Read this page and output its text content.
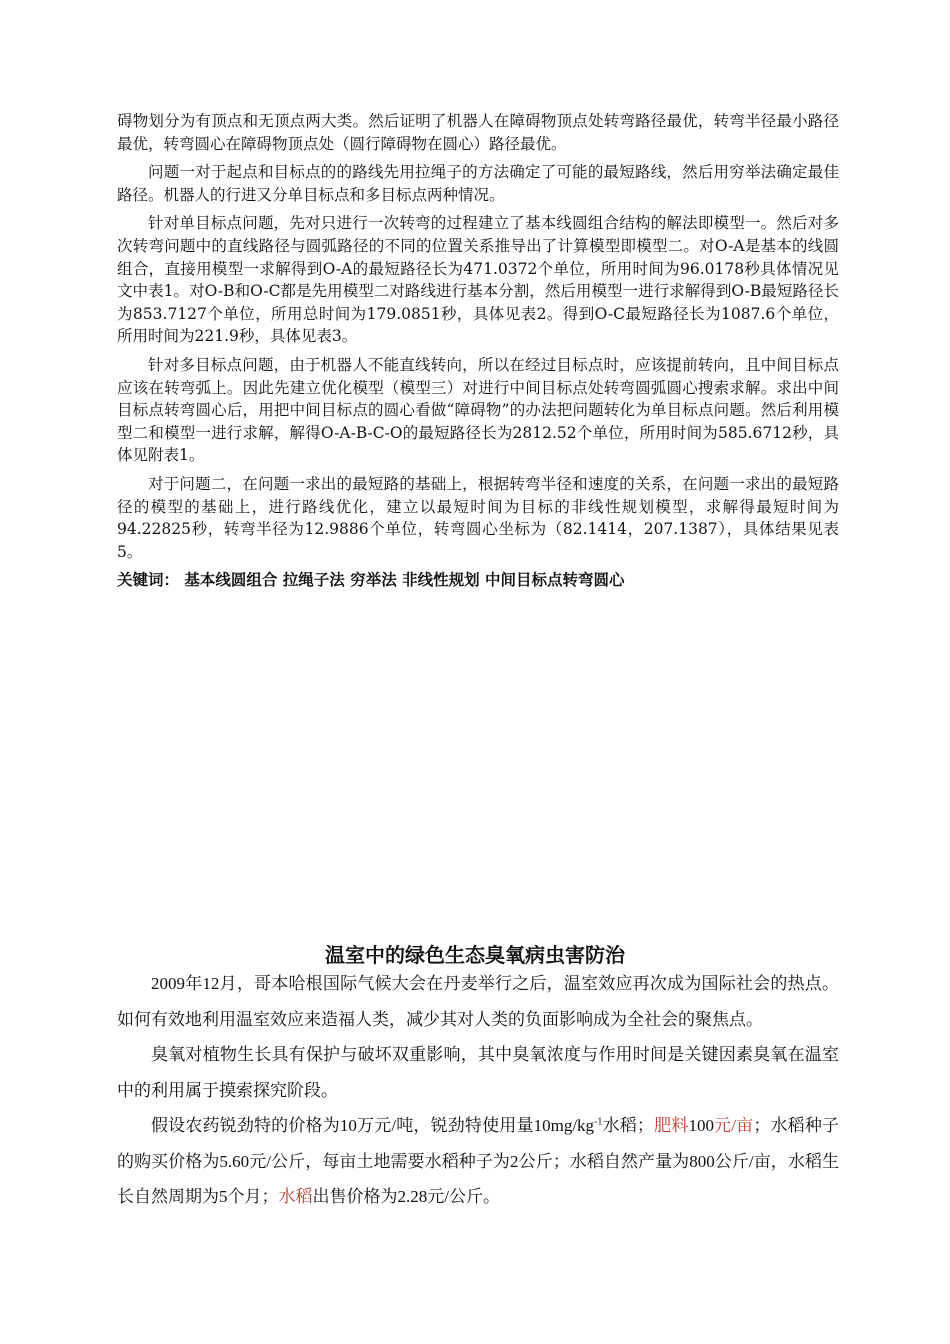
碍物划分为有顶点和无顶点两大类。然后证明了机器人在障碍物顶点处转弯路径最优，转弯半径最小路径最优，转弯圆心在障碍物顶点处（圆行障碍物在圆心）路径最优。

问题一对于起点和目标点的的路线先用拉绳子的方法确定了可能的最短路线，然后用穷举法确定最佳路径。机器人的行进又分单目标点和多目标点两种情况。

针对单目标点问题，先对只进行一次转弯的过程建立了基本线圆组合结构的解法即模型一。然后对多次转弯问题中的直线路径与圆弧路径的不同的位置关系推导出了计算模型即模型二。对O-A是基本的线圆组合，直接用模型一求解得到O-A的最短路径长为471.0372个单位，所用时间为96.0178秒具体情况见文中表1。对O-B和O-C都是先用模型二对路线进行基本分割，然后用模型一进行求解得到O-B最短路径长为853.7127个单位，所用总时间为179.0851秒，具体见表2。得到O-C最短路径长为1087.6个单位，所用时间为221.9秒，具体见表3。

针对多目标点问题，由于机器人不能直线转向，所以在经过目标点时，应该提前转向，且中间目标点应该在转弯弧上。因此先建立优化模型（模型三）对进行中间目标点处转弯圆弧圆心搜索求解。求出中间目标点转弯圆心后，用把中间目标点的圆心看做“障碍物”的办法把问题转化为单目标点问题。然后利用模型二和模型一进行求解，解得O-A-B-C-O的最短路径长为2812.52个单位，所用时间为585.6712秒，具体见附表1。

对于问题二，在问题一求出的最短路的基础上，根据转弯半径和速度的关系，在问题一求出的最短路径的模型的基础上，进行路线优化，建立以最短时间为目标的非线性规划模型，求解得最短时间为94.22825秒，转弯半径为12.9886个单位，转弯圆心坐标为（82.1414，207.1387），具体结果见表5。

关键词： 基本线圆组合 拉绳子法 穷举法 非线性规划 中间目标点转弯圆心
温室中的绿色生态臭氧病虫害防治

2009年12月，哥本哈根国际气候大会在丹麦举行之后，温室效应再次成为国际社会的热点。如何有效地利用温室效应来造福人类，减少其对人类的负面影响成为全社会的聚焦点。

臭氧对植物生长具有保护与破坏双重影响，其中臭氧浓度与作用时间是关键因素臭氧在温室中的利用属于摸索探究阶段。

假设农药锐劲特的价格为10万元/吨，锐劲特使用量$10mg/kg^{-1}$水稻；肥料100元/亩；水稻种子的购买价格为5.60元/公斤，每亩土地需要水稻种子为2公斤；水稻自然产量为800公斤/亩，水稻生长自然周期为5个月；水稻出售价格为2.28元/公斤。
